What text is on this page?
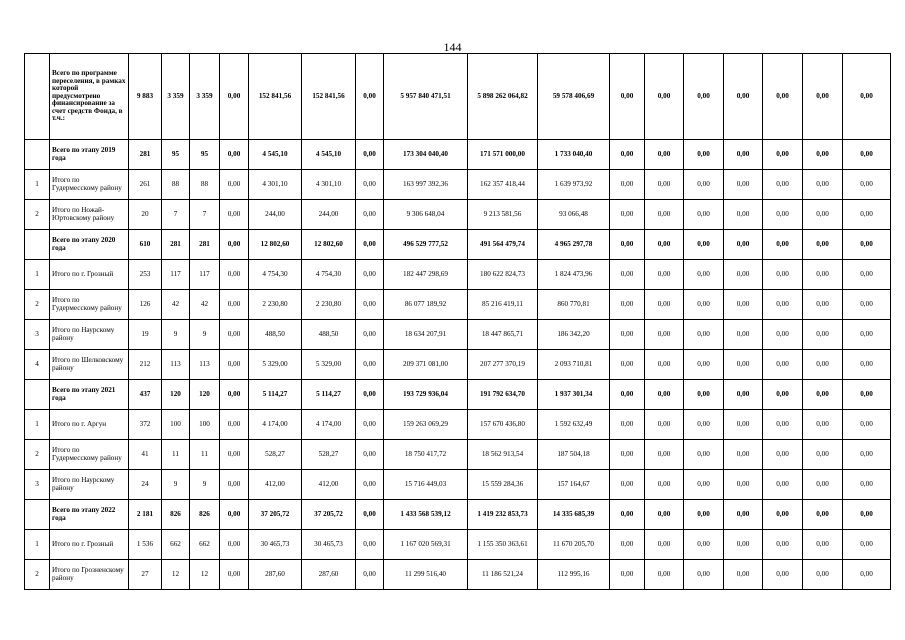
144
	Всего по программе переселения, в рамках которой предусмотрено финансирование за счет средств Фонда, в т.ч.:	9 883	3 359	3 359	0,00	152 841,56	152 841,56	0,00	5 957 840 471,51	5 898 262 064,82	59 578 406,69	0,00	0,00	0,00	0,00	0,00	0,00	0,00
	Всего по этапу 2019 года	281	95	95	0,00	4 545,10	4 545,10	0,00	173 304 040,40	171 571 000,00	1 733 040,40	0,00	0,00	0,00	0,00	0,00	0,00	0,00
1	Итого по Гудермесскому району	261	88	88	0,00	4 301,10	4 301,10	0,00	163 997 392,36	162 357 418,44	1 639 973,92	0,00	0,00	0,00	0,00	0,00	0,00	0,00
2	Итого по Ножай-Юртовскому району	20	7	7	0,00	244,00	244,00	0,00	9 306 648,04	9 213 581,56	93 066,48	0,00	0,00	0,00	0,00	0,00	0,00	0,00
	Всего по этапу 2020 года	610	281	281	0,00	12 802,60	12 802,60	0,00	496 529 777,52	491 564 479,74	4 965 297,78	0,00	0,00	0,00	0,00	0,00	0,00	0,00
1	Итого по г. Грозный	253	117	117	0,00	4 754,30	4 754,30	0,00	182 447 298,69	180 622 824,73	1 824 473,96	0,00	0,00	0,00	0,00	0,00	0,00	0,00
2	Итого по Гудермесскому району	126	42	42	0,00	2 230,80	2 230,80	0,00	86 077 189,92	85 216 419,11	860 770,81	0,00	0,00	0,00	0,00	0,00	0,00	0,00
3	Итого по Наурскому району	19	9	9	0,00	488,50	488,50	0,00	18 634 207,91	18 447 865,71	186 342,20	0,00	0,00	0,00	0,00	0,00	0,00	0,00
4	Итого по Шелковскому району	212	113	113	0,00	5 329,00	5 329,00	0,00	209 371 081,00	207 277 370,19	2 093 710,81	0,00	0,00	0,00	0,00	0,00	0,00	0,00
	Всего по этапу 2021 года	437	120	120	0,00	5 114,27	5 114,27	0,00	193 729 936,04	191 792 634,70	1 937 301,34	0,00	0,00	0,00	0,00	0,00	0,00	0,00
1	Итого по г. Аргун	372	100	100	0,00	4 174,00	4 174,00	0,00	159 263 069,29	157 670 436,80	1 592 632,49	0,00	0,00	0,00	0,00	0,00	0,00	0,00
2	Итого по Гудермесскому району	41	11	11	0,00	528,27	528,27	0,00	18 750 417,72	18 562 913,54	187 504,18	0,00	0,00	0,00	0,00	0,00	0,00	0,00
3	Итого по Наурскому району	24	9	9	0,00	412,00	412,00	0,00	15 716 449,03	15 559 284,36	157 164,67	0,00	0,00	0,00	0,00	0,00	0,00	0,00
	Всего по этапу 2022 года	2 181	826	826	0,00	37 205,72	37 205,72	0,00	1 433 568 539,12	1 419 232 853,73	14 335 685,39	0,00	0,00	0,00	0,00	0,00	0,00	0,00
1	Итого по г. Грозный	1 536	662	662	0,00	30 465,73	30 465,73	0,00	1 167 020 569,31	1 155 350 363,61	11 670 205,70	0,00	0,00	0,00	0,00	0,00	0,00	0,00
2	Итого по Грозненскому району	27	12	12	0,00	287,60	287,60	0,00	11 299 516,40	11 186 521,24	112 995,16	0,00	0,00	0,00	0,00	0,00	0,00	0,00
